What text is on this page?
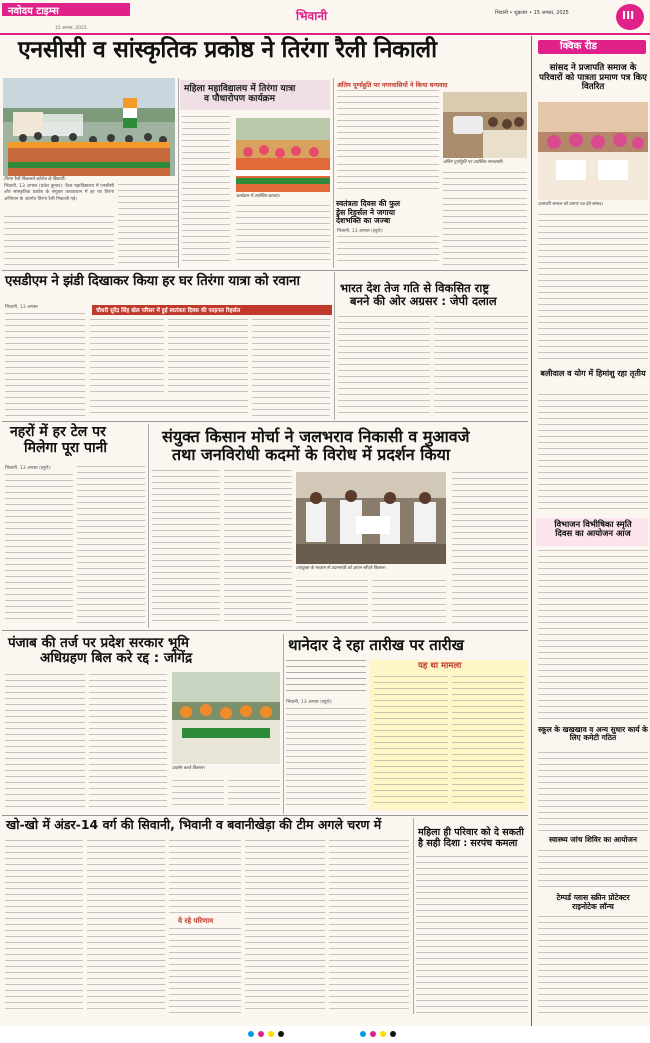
नवोदय टाइम्स
15 अगस्त, 2025
भिवानी	भिवानी • शुक्रवार • 15 अगस्त, 2025	III
एनसीसी व सांस्कृतिक प्रकोष्ठ ने तिरंगा रैली निकाली
तिरंगा रैली निकालते कॉलेज के विद्यार्थी।
भिवानी, 13 अगस्त (प्रवेश कुमार): वैश्य महाविद्यालय में एनसीसी और सांस्कृतिक प्रकोष्ठ के संयुक्त तत्वावधान में हर घर तिरंगा अभियान के अंतर्गत तिरंगा रैली निकाली गई।
महिला महाविद्यालय में तिरंगा यात्रा
व पौधारोपण कार्यक्रम
कार्यक्रम में उपस्थित छात्राएं।
अंतिम पूर्णाहुति पर नगरवासियों ने किया धन्यवाद
अंतिम पूर्णाहुति पर उपस्थित नगरवासी।
स्वतंत्रता दिवस की फुल
ड्रेस रिहर्सल ने जगाया
देशभक्ति का जज्बा
भिवानी, 13 अगस्त (ब्यूरो):
एसडीएम ने झंडी दिखाकर किया हर घर तिरंगा यात्रा को रवाना
चौधरी सुरेंद्र सिंह खेल परिसर में हुई स्वतंत्रता दिवस की फाइनल रिहर्सल
भिवानी, 13 अगस्त
भारत देश तेज गति से विकसित राष्ट्र
बनने की ओर अग्रसर : जेपी दलाल
नहरों में हर टेल पर
मिलेगा पूरा पानी
भिवानी, 13 अगस्त (ब्यूरो):
संयुक्त किसान मोर्चा ने जलभराव निकासी व मुआवजे
तथा जनविरोधी कदमों के विरोध में प्रदर्शन किया
उपायुक्त के माध्यम से प्रधानमंत्री को ज्ञापन सौंपते किसान।
पंजाब की तर्ज पर प्रदेश सरकार भूमि
अधिग्रहण बिल करे रद्द : जोगेंद्र
प्रदर्शन करते किसान।
थानेदार दे रहा तारीख पर तारीख
भिवानी, 13 अगस्त (ब्यूरो):
यह था मामला
खो-खो में अंडर-14 वर्ग की सिवानी, भिवानी व बवानीखेड़ा की टीम अगले चरण में
ये रहे परिणाम
महिला ही परिवार को दे सकती
है सही दिशा : सरपंच कमला
क्विक रीड
सांसद ने प्रजापति समाज के परिवारों को पात्रता प्रमाण पत्र किए वितरित
प्रजापति समाज को प्रमाण पत्र देते सांसद।
बलीवाल व योग में हिमांशु रहा तृतीय
विभाजन विभीषिका स्मृति
दिवस का आयोजन आज
स्कूल के खखखाव व अन्य सुधार कार्य के लिए कमेटी गठित
स्वास्थ्य जांच शिविर का आयोजन
टेम्पर्ड ग्लास स्क्रीन प्रोटेक्टर
राइनोटेक लॉन्च
